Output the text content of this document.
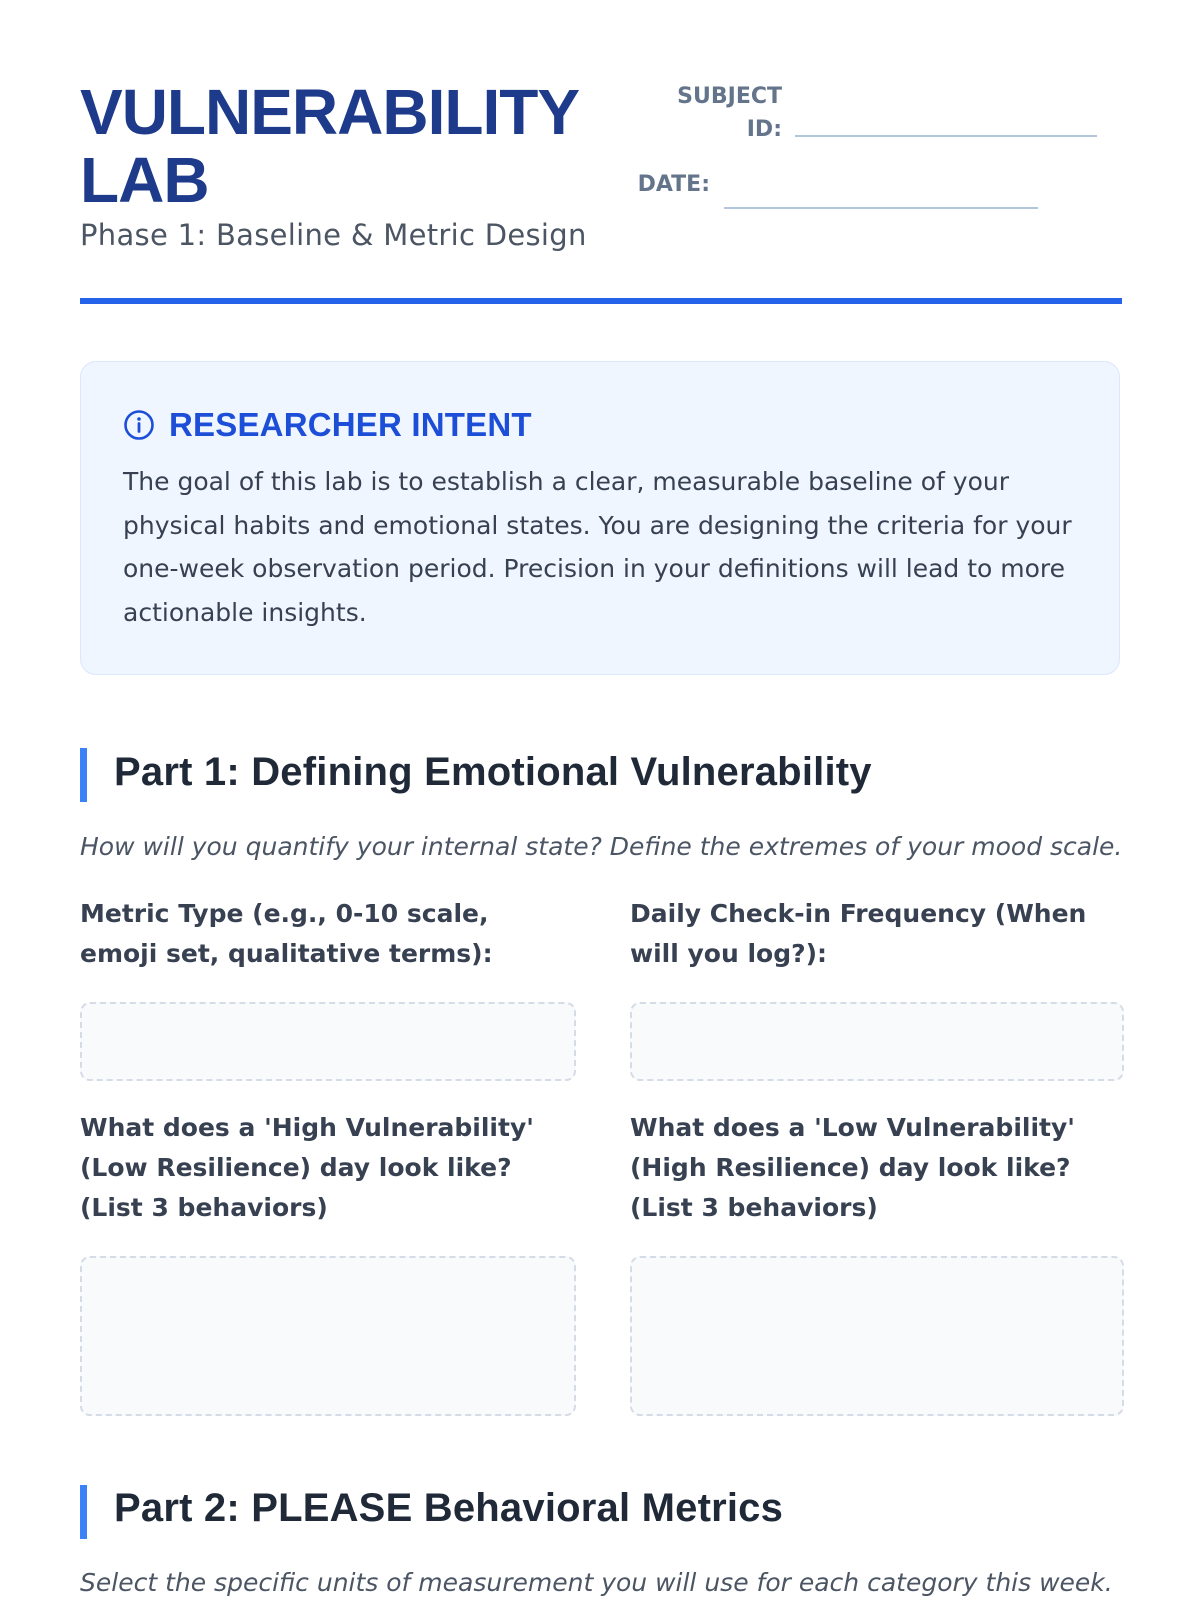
VULNERABILITY LAB

Phase 1: Baseline & Metric Design

SUBJECT ID:
DATE:
RESEARCHER INTENT

The goal of this lab is to establish a clear, measurable baseline of your physical habits and emotional states. You are designing the criteria for your one-week observation period. Precision in your definitions will lead to more actionable insights.

Part 1: Defining Emotional Vulnerability

How will you quantify your internal state? Define the extremes of your mood scale.

Metric Type (e.g., 0-10 scale, emoji set, qualitative terms):

Daily Check-in Frequency (When will you log?):

What does a 'High Vulnerability' (Low Resilience) day look like? (List 3 behaviors)

What does a 'Low Vulnerability' (High Resilience) day look like? (List 3 behaviors)

Part 2: PLEASE Behavioral Metrics

Select the specific units of measurement you will use for each category this week.
